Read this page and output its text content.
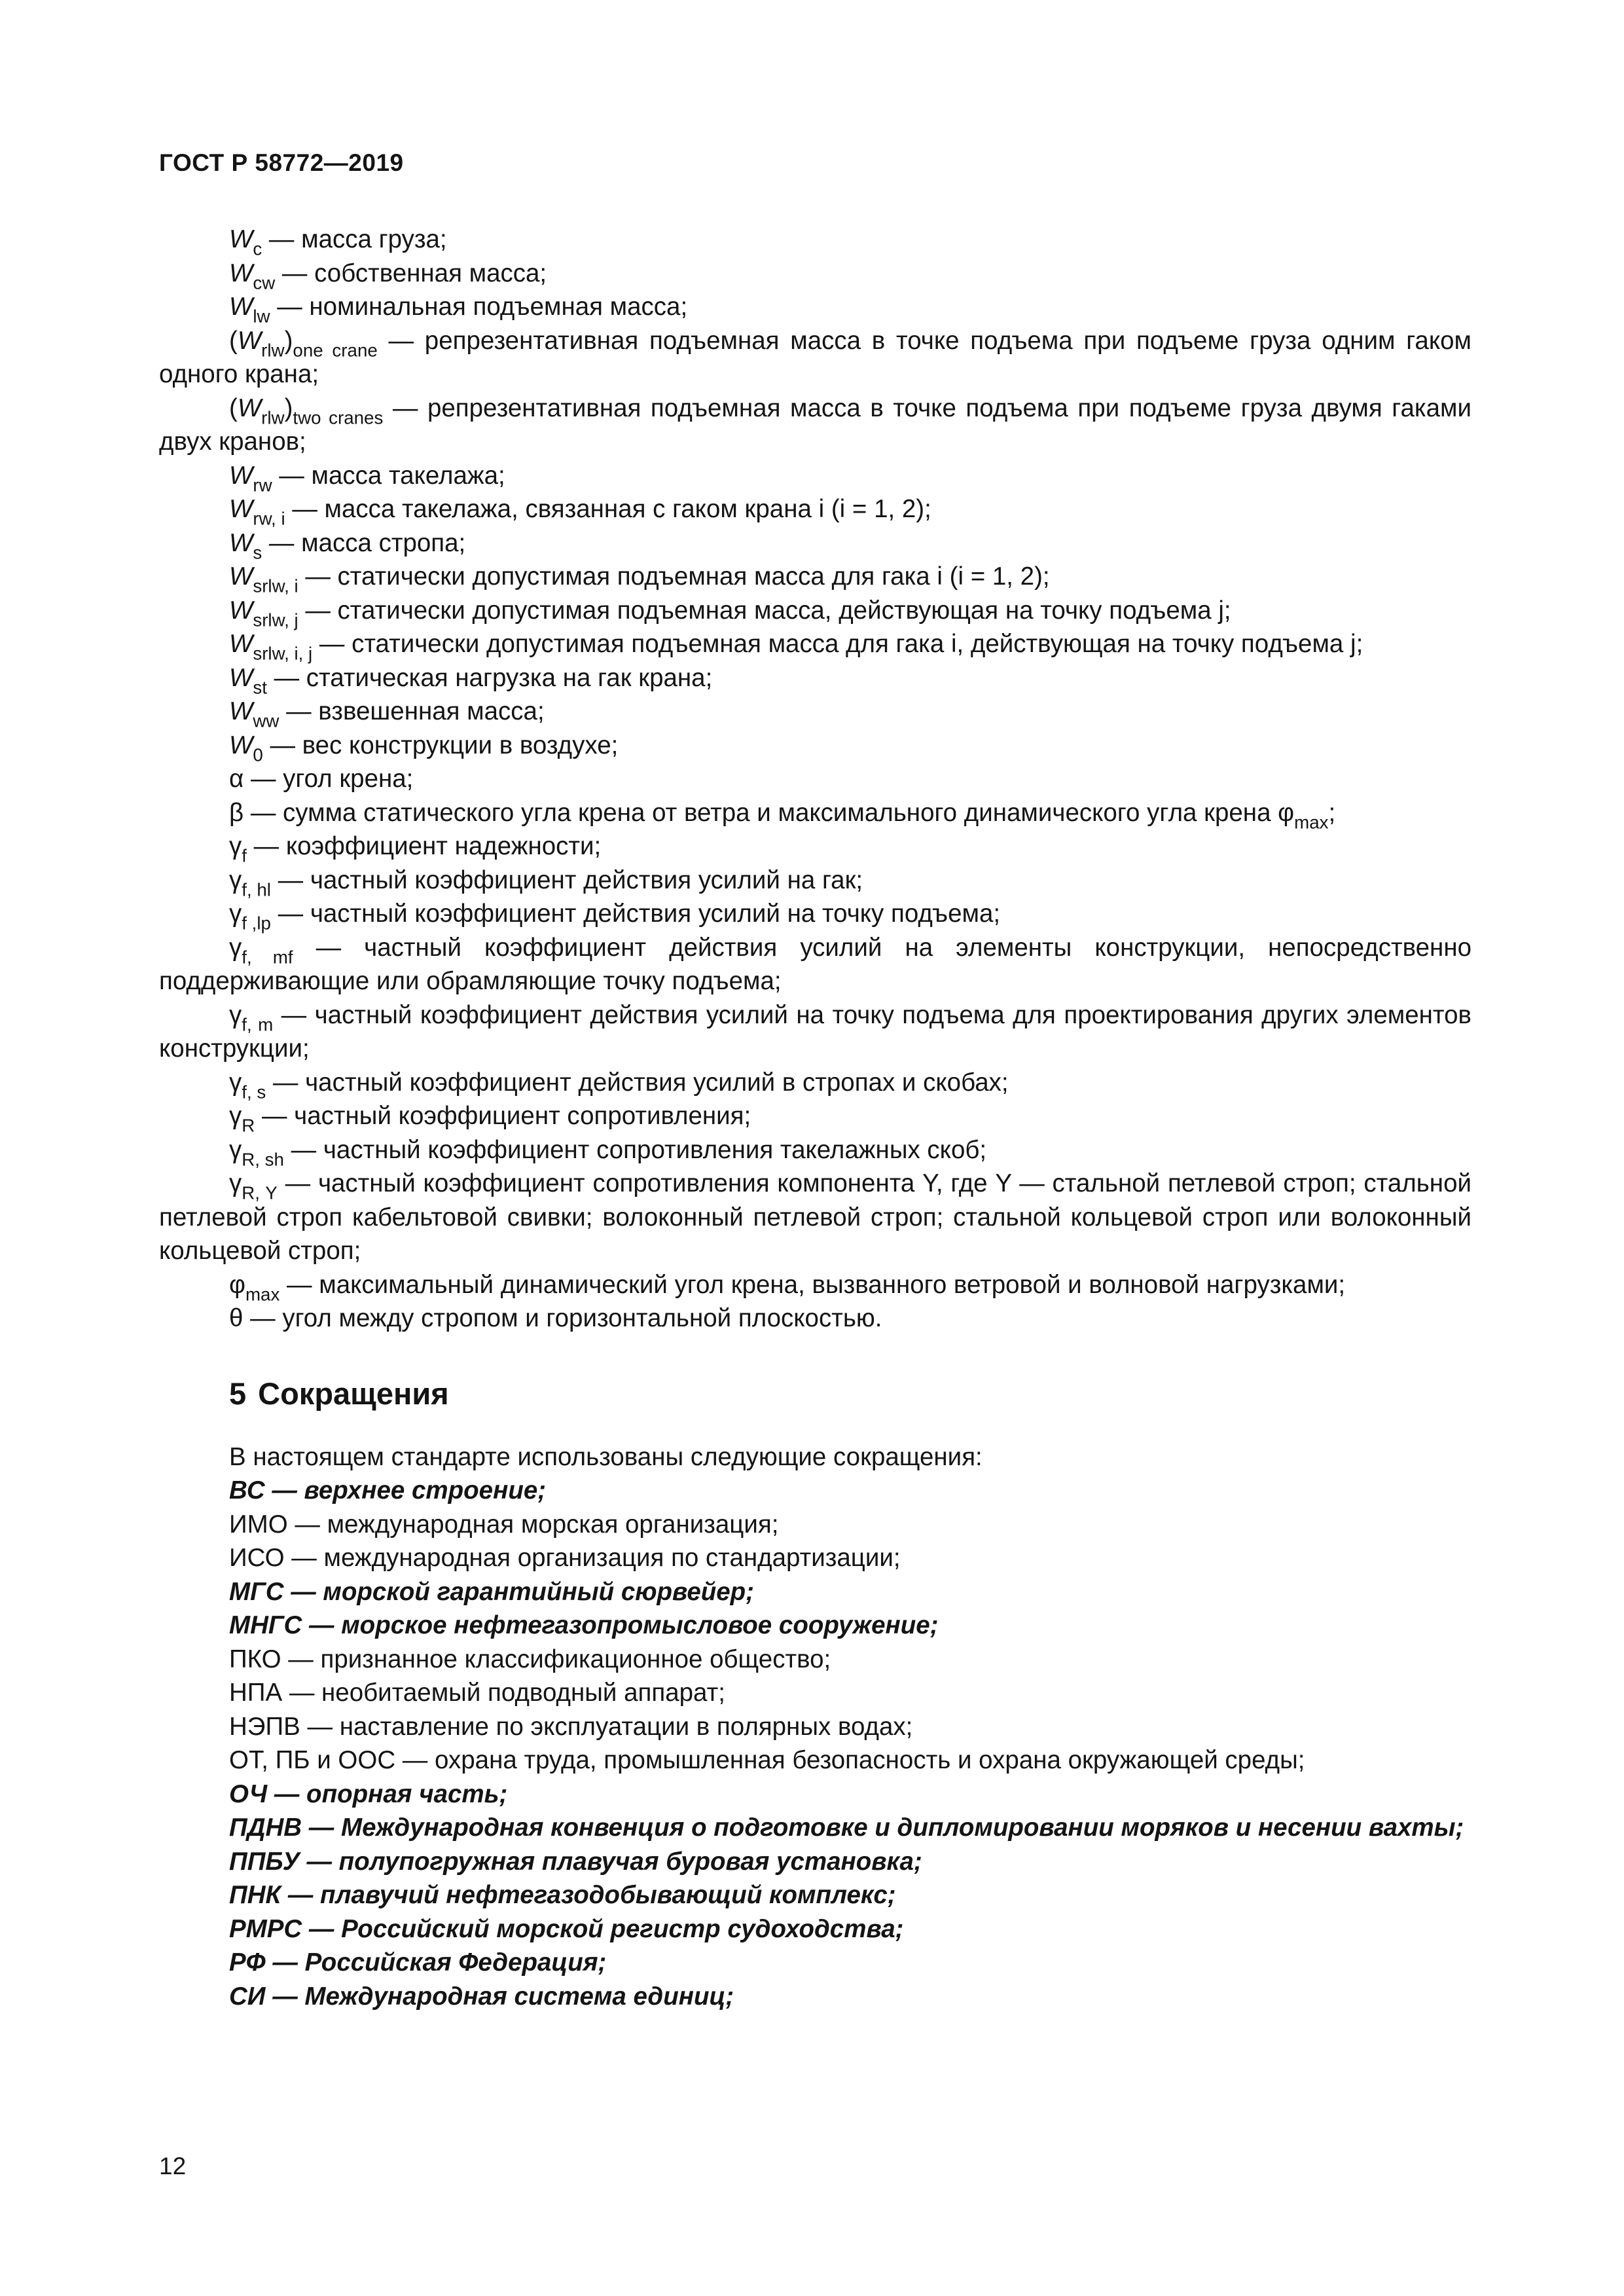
ГОСТ Р 58772—2019
$W_c$ — масса груза;
$W_{cw}$ — собственная масса;
$W_{lw}$ — номинальная подъемная масса;
$(W_{rlw})_{one crane}$ — репрезентативная подъемная масса в точке подъема при подъеме груза одним гаком одного крана;
$(W_{rlw})_{two cranes}$ — репрезентативная подъемная масса в точке подъема при подъеме груза двумя гаками двух кранов;
$W_{rw}$ — масса такелажа;
$W_{rw, i}$ — масса такелажа, связанная с гаком крана i (i = 1, 2);
$W_s$ — масса стропа;
$W_{srlw, i}$ — статически допустимая подъемная масса для гака i (i = 1, 2);
$W_{srlw, j}$ — статически допустимая подъемная масса, действующая на точку подъема j;
$W_{srlw, i, j}$ — статически допустимая подъемная масса для гака i, действующая на точку подъема j;
$W_{st}$ — статическая нагрузка на гак крана;
$W_{ww}$ — взвешенная масса;
$W_0$ — вес конструкции в воздухе;
α — угол крена;
β — сумма статического угла крена от ветра и максимального динамического угла крена $\varphi_{max}$;
$\gamma_f$ — коэффициент надежности;
$\gamma_{f, hl}$ — частный коэффициент действия усилий на гак;
$\gamma_{f ,lp}$ — частный коэффициент действия усилий на точку подъема;
$\gamma_{f, mf}$ — частный коэффициент действия усилий на элементы конструкции, непосредственно поддерживающие или обрамляющие точку подъема;
$\gamma_{f, m}$ — частный коэффициент действия усилий на точку подъема для проектирования других элементов конструкции;
$\gamma_{f, s}$ — частный коэффициент действия усилий в стропах и скобах;
$\gamma_R$ — частный коэффициент сопротивления;
$\gamma_{R, sh}$ — частный коэффициент сопротивления такелажных скоб;
$\gamma_{R, Y}$ — частный коэффициент сопротивления компонента Y, где Y — стальной петлевой строп; стальной петлевой строп кабельтовой свивки; волоконный петлевой строп; стальной кольцевой строп или волоконный кольцевой строп;
$\varphi_{max}$ — максимальный динамический угол крена, вызванного ветровой и волновой нагрузками;
θ — угол между стропом и горизонтальной плоскостью.
5 Сокращения
В настоящем стандарте использованы следующие сокращения:
ВС — верхнее строение;
ИМО — международная морская организация;
ИСО — международная организация по стандартизации;
МГС — морской гарантийный сюрвейер;
МНГС — морское нефтегазопромысловое сооружение;
ПКО — признанное классификационное общество;
НПА — необитаемый подводный аппарат;
НЭПВ — наставление по эксплуатации в полярных водах;
ОТ, ПБ и ООС — охрана труда, промышленная безопасность и охрана окружающей среды;
ОЧ — опорная часть;
ПДНВ — Международная конвенция о подготовке и дипломировании моряков и несении вахты;
ППБУ — полупогружная плавучая буровая установка;
ПНК — плавучий нефтегазодобывающий комплекс;
РМРС — Российский морской регистр судоходства;
РФ — Российская Федерация;
СИ — Международная система единиц;
12
